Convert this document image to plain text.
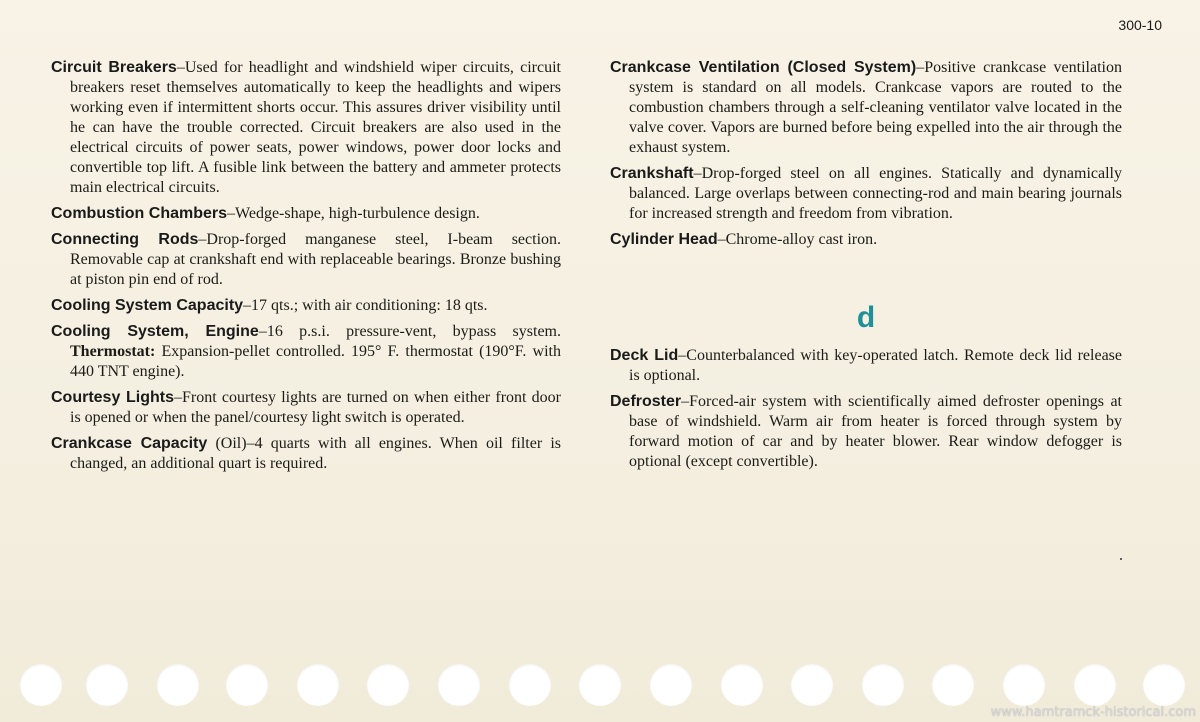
300-10

Circuit Breakers–Used for headlight and windshield wiper circuits, circuit breakers reset themselves automatically to keep the headlights and wipers working even if intermittent shorts occur. This assures driver visibility until he can have the trouble corrected. Circuit breakers are also used in the electrical circuits of power seats, power windows, power door locks and convertible top lift. A fusible link between the battery and ammeter protects main electrical circuits.

Combustion Chambers–Wedge-shape, high-turbulence design.

Connecting Rods–Drop-forged manganese steel, I-beam section. Removable cap at crankshaft end with replaceable bearings. Bronze bushing at piston pin end of rod.

Cooling System Capacity–17 qts.; with air conditioning: 18 qts.

Cooling System, Engine–16 p.s.i. pressure-vent, bypass system. Thermostat: Expansion-pellet controlled. 195° F. thermostat (190°F. with 440 TNT engine).

Courtesy Lights–Front courtesy lights are turned on when either front door is opened or when the panel/courtesy light switch is operated.

Crankcase Capacity (Oil)–4 quarts with all engines. When oil filter is changed, an additional quart is required.

Crankcase Ventilation (Closed System)–Positive crankcase ventilation system is standard on all models. Crankcase vapors are routed to the combustion chambers through a self-cleaning ventilator valve located in the valve cover. Vapors are burned before being expelled into the air through the exhaust system.

Crankshaft–Drop-forged steel on all engines. Statically and dynamically balanced. Large overlaps between connecting-rod and main bearing journals for increased strength and freedom from vibration.

Cylinder Head–Chrome-alloy cast iron.

d

Deck Lid–Counterbalanced with key-operated latch. Remote deck lid release is optional.

Defroster–Forced-air system with scientifically aimed defroster openings at base of windshield. Warm air from heater is forced through system by forward motion of car and by heater blower. Rear window defogger is optional (except convertible).

www.hamtramck-historical.com
